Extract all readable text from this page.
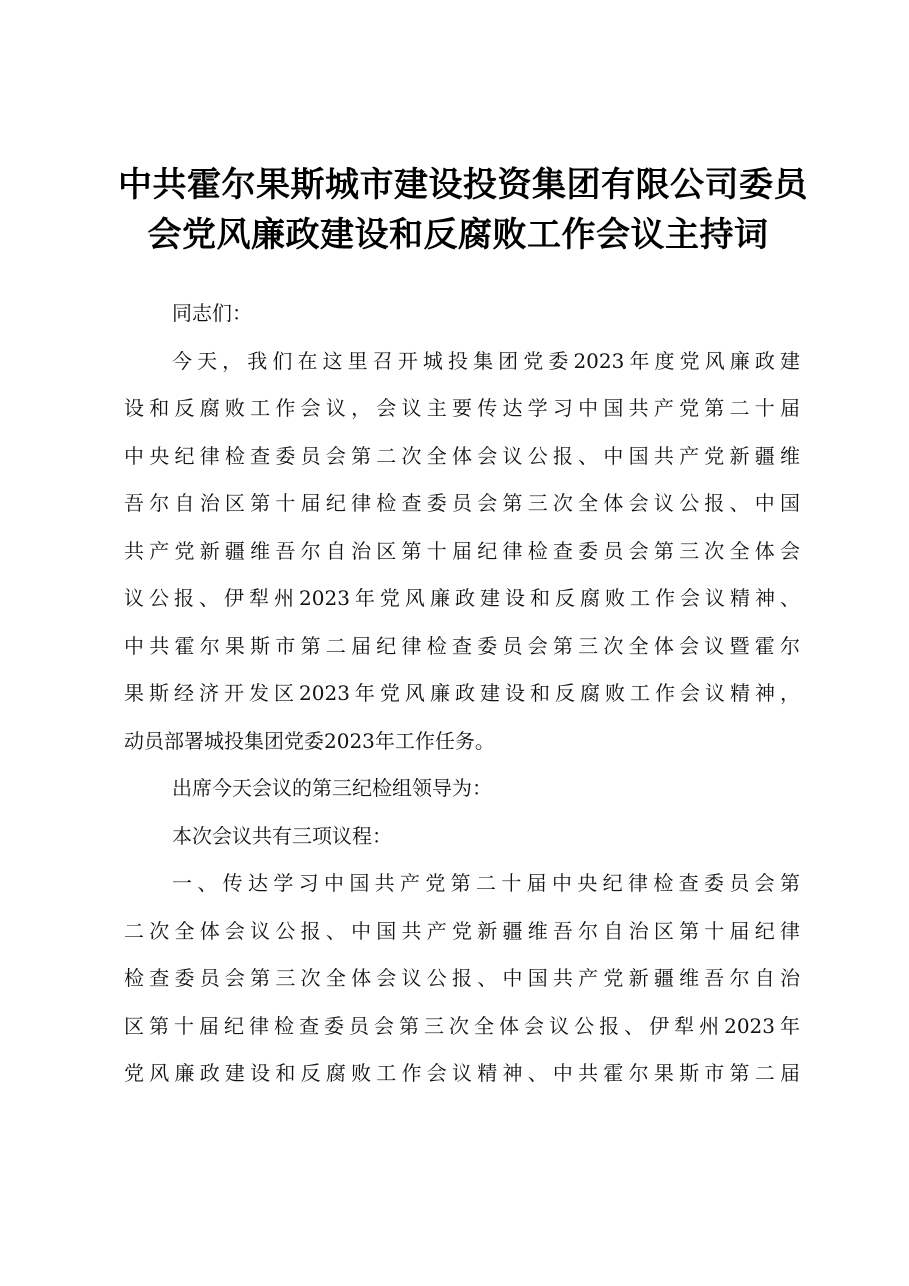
中共霍尔果斯城市建设投资集团有限公司委员
会党风廉政建设和反腐败工作会议主持词

同志们：

今天，我们在这里召开城投集团党委2023年度党风廉政建
设和反腐败工作会议，会议主要传达学习中国共产党第二十届
中央纪律检查委员会第二次全体会议公报、中国共产党新疆维
吾尔自治区第十届纪律检查委员会第三次全体会议公报、中国
共产党新疆维吾尔自治区第十届纪律检查委员会第三次全体会
议公报、伊犁州2023年党风廉政建设和反腐败工作会议精神、
中共霍尔果斯市第二届纪律检查委员会第三次全体会议暨霍尔
果斯经济开发区2023年党风廉政建设和反腐败工作会议精神，
动员部署城投集团党委2023年工作任务。

出席今天会议的第三纪检组领导为：

本次会议共有三项议程：

一、传达学习中国共产党第二十届中央纪律检查委员会第
二次全体会议公报、中国共产党新疆维吾尔自治区第十届纪律
检查委员会第三次全体会议公报、中国共产党新疆维吾尔自治
区第十届纪律检查委员会第三次全体会议公报、伊犁州2023年
党风廉政建设和反腐败工作会议精神、中共霍尔果斯市第二届
